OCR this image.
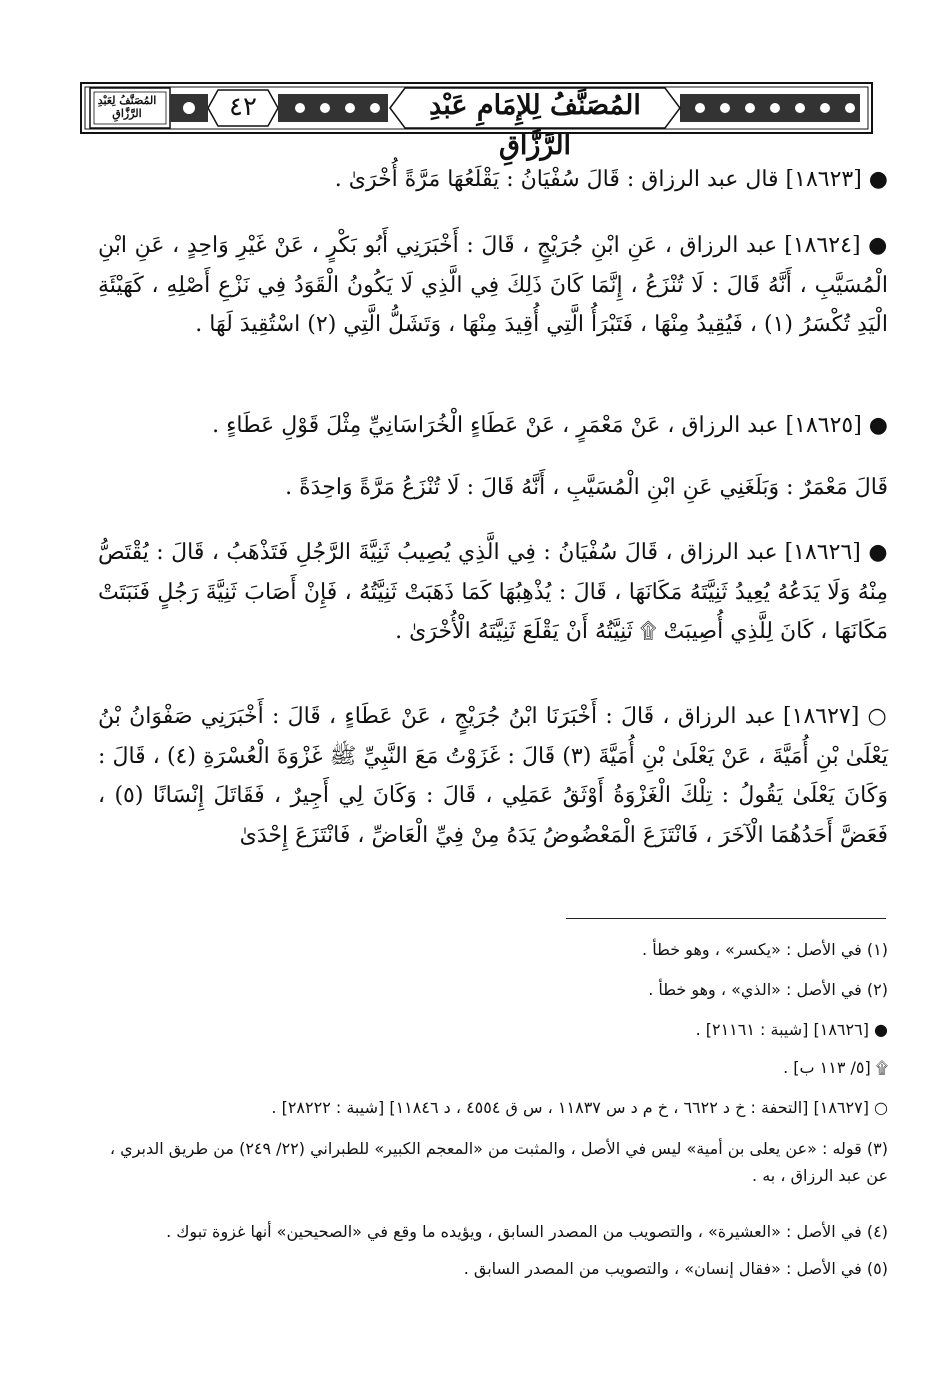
المُصَنَّفُ لِعَبْدِ الرَّزَّاقِ	٤٢	المُصَنَّفُ لِلإِمَامِ عَبْدِ الرَّزَّاقِ

● [١٨٦٢٣] قال عبد الرزاق : قَالَ سُفْيَانُ : يَقْلَعُهَا مَرَّةً أُخْرَىٰ .

● [١٨٦٢٤] عبد الرزاق ، عَنِ ابْنِ جُرَيْجٍ ، قَالَ : أَخْبَرَنِي أَبُو بَكْرٍ ، عَنْ غَيْرِ وَاحِدٍ ، عَنِ ابْنِ الْمُسَيَّبِ ، أَنَّهُ قَالَ : لَا تُنْزَعُ ، إِنَّمَا كَانَ ذَلِكَ فِي الَّذِي لَا يَكُونُ الْقَوَدُ فِي نَزْعِ أَصْلِهِ ، كَهَيْئَةِ الْيَدِ تُكْسَرُ (١) ، فَيُقِيدُ مِنْهَا ، فَتَبْرَأُ الَّتِي أُقِيدَ مِنْهَا ، وَتَشَلُّ الَّتِي (٢) اسْتُقِيدَ لَهَا .

● [١٨٦٢٥] عبد الرزاق ، عَنْ مَعْمَرٍ ، عَنْ عَطَاءٍ الْخُرَاسَانِيِّ مِثْلَ قَوْلِ عَطَاءٍ .

قَالَ مَعْمَرٌ : وَبَلَغَنِي عَنِ ابْنِ الْمُسَيَّبِ ، أَنَّهُ قَالَ : لَا تُنْزَعُ مَرَّةً وَاحِدَةً .

● [١٨٦٢٦] عبد الرزاق ، قَالَ سُفْيَانُ : فِي الَّذِي يُصِيبُ ثَنِيَّةَ الرَّجُلِ فَتَذْهَبُ ، قَالَ : يُقْتَصُّ مِنْهُ وَلَا يَدَعُهُ يُعِيدُ ثَنِيَّتَهُ مَكَانَهَا ، قَالَ : يُذْهِبُهَا كَمَا ذَهَبَتْ ثَنِيَّتُهُ ، فَإِنْ أَصَابَ ثَنِيَّةَ رَجُلٍ فَنَبَتَتْ مَكَانَهَا ، كَانَ لِلَّذِي أُصِيبَتْ ۩ ثَنِيَّتُهُ أَنْ يَقْلَعَ ثَنِيَّتَهُ الْأُخْرَىٰ .

○ [١٨٦٢٧] عبد الرزاق ، قَالَ : أَخْبَرَنَا ابْنُ جُرَيْجٍ ، عَنْ عَطَاءٍ ، قَالَ : أَخْبَرَنِي صَفْوَانُ بْنُ يَعْلَىٰ بْنِ أُمَيَّةَ ، عَنْ يَعْلَىٰ بْنِ أُمَيَّةَ (٣) قَالَ : غَزَوْتُ مَعَ النَّبِيِّ ﷺ غَزْوَةَ الْعُسْرَةِ (٤) ، قَالَ : وَكَانَ يَعْلَىٰ يَقُولُ : تِلْكَ الْغَزْوَةُ أَوْثَقُ عَمَلِي ، قَالَ : وَكَانَ لِي أَجِيرٌ ، فَقَاتَلَ إِنْسَانًا (٥) ، فَعَضَّ أَحَدُهُمَا الْآخَرَ ، فَانْتَزَعَ الْمَعْضُوضُ يَدَهُ مِنْ فِيِّ الْعَاضِّ ، فَانْتَزَعَ إِحْدَىٰ

(١) في الأصل : «يكسر» ، وهو خطأ .

(٢) في الأصل : «الذي» ، وهو خطأ .

● [١٨٦٢٦] [شيبة : ٢١١٦١] .

۩ [٥/ ١١٣ ب] .

○ [١٨٦٢٧] [التحفة : خ د ٦٦٢٢ ، خ م د س ١١٨٣٧ ، س ق ٤٥٥٤ ، د ١١٨٤٦] [شيبة : ٢٨٢٢٢] .

(٣) قوله : «عن يعلى بن أمية» ليس في الأصل ، والمثبت من «المعجم الكبير» للطبراني (٢٢/ ٢٤٩) من طريق الدبري ، عن عبد الرزاق ، به .

(٤) في الأصل : «العشيرة» ، والتصويب من المصدر السابق ، ويؤيده ما وقع في «الصحيحين» أنها غزوة تبوك .

(٥) في الأصل : «فقال إنسان» ، والتصويب من المصدر السابق .
